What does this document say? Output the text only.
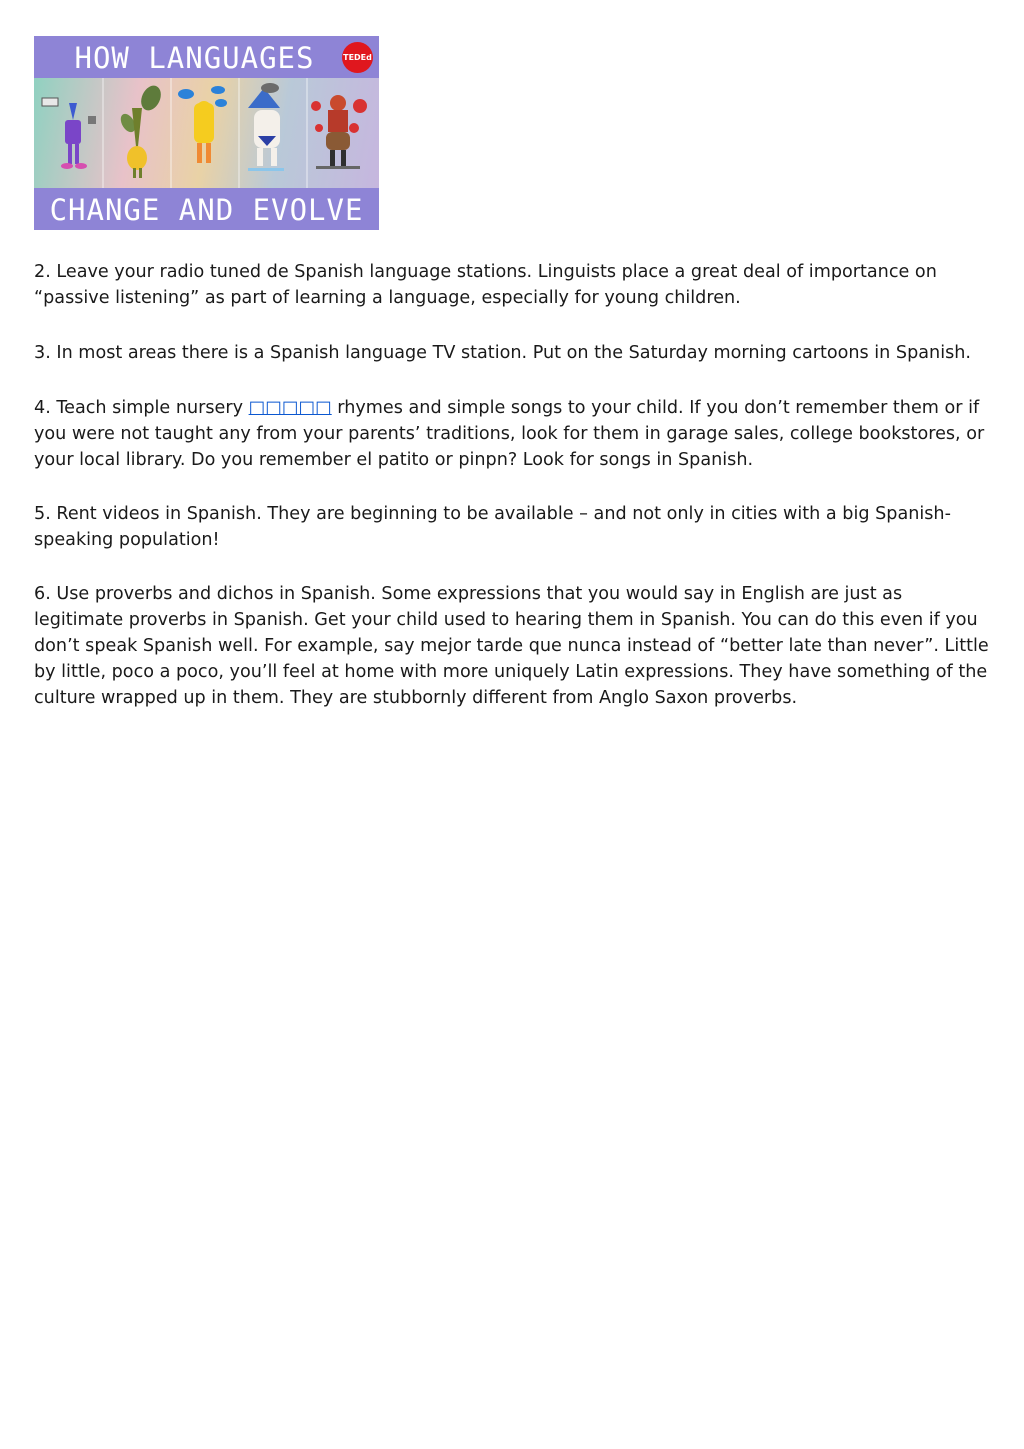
HOW LANGUAGES
CHANGE AND EVOLVE
TEDEd

2. Leave your radio tuned de Spanish language stations. Linguists place a great deal of importance on “passive listening” as part of learning a language, especially for young children.

3. In most areas there is a Spanish language TV station. Put on the Saturday morning cartoons in Spanish.

4. Teach simple nursery □□□□□ rhymes and simple songs to your child. If you don’t remember them or if you were not taught any from your parents’ traditions, look for them in garage sales, college bookstores, or your local library. Do you remember el patito or pinpn? Look for songs in Spanish.

5. Rent videos in Spanish. They are beginning to be available – and not only in cities with a big Spanish-speaking population!

6. Use proverbs and dichos in Spanish. Some expressions that you would say in English are just as legitimate proverbs in Spanish. Get your child used to hearing them in Spanish. You can do this even if you don’t speak Spanish well. For example, say mejor tarde que nunca instead of “better late than never”. Little by little, poco a poco, you’ll feel at home with more uniquely Latin expressions. They have something of the culture wrapped up in them. They are stubbornly different from Anglo Saxon proverbs.
